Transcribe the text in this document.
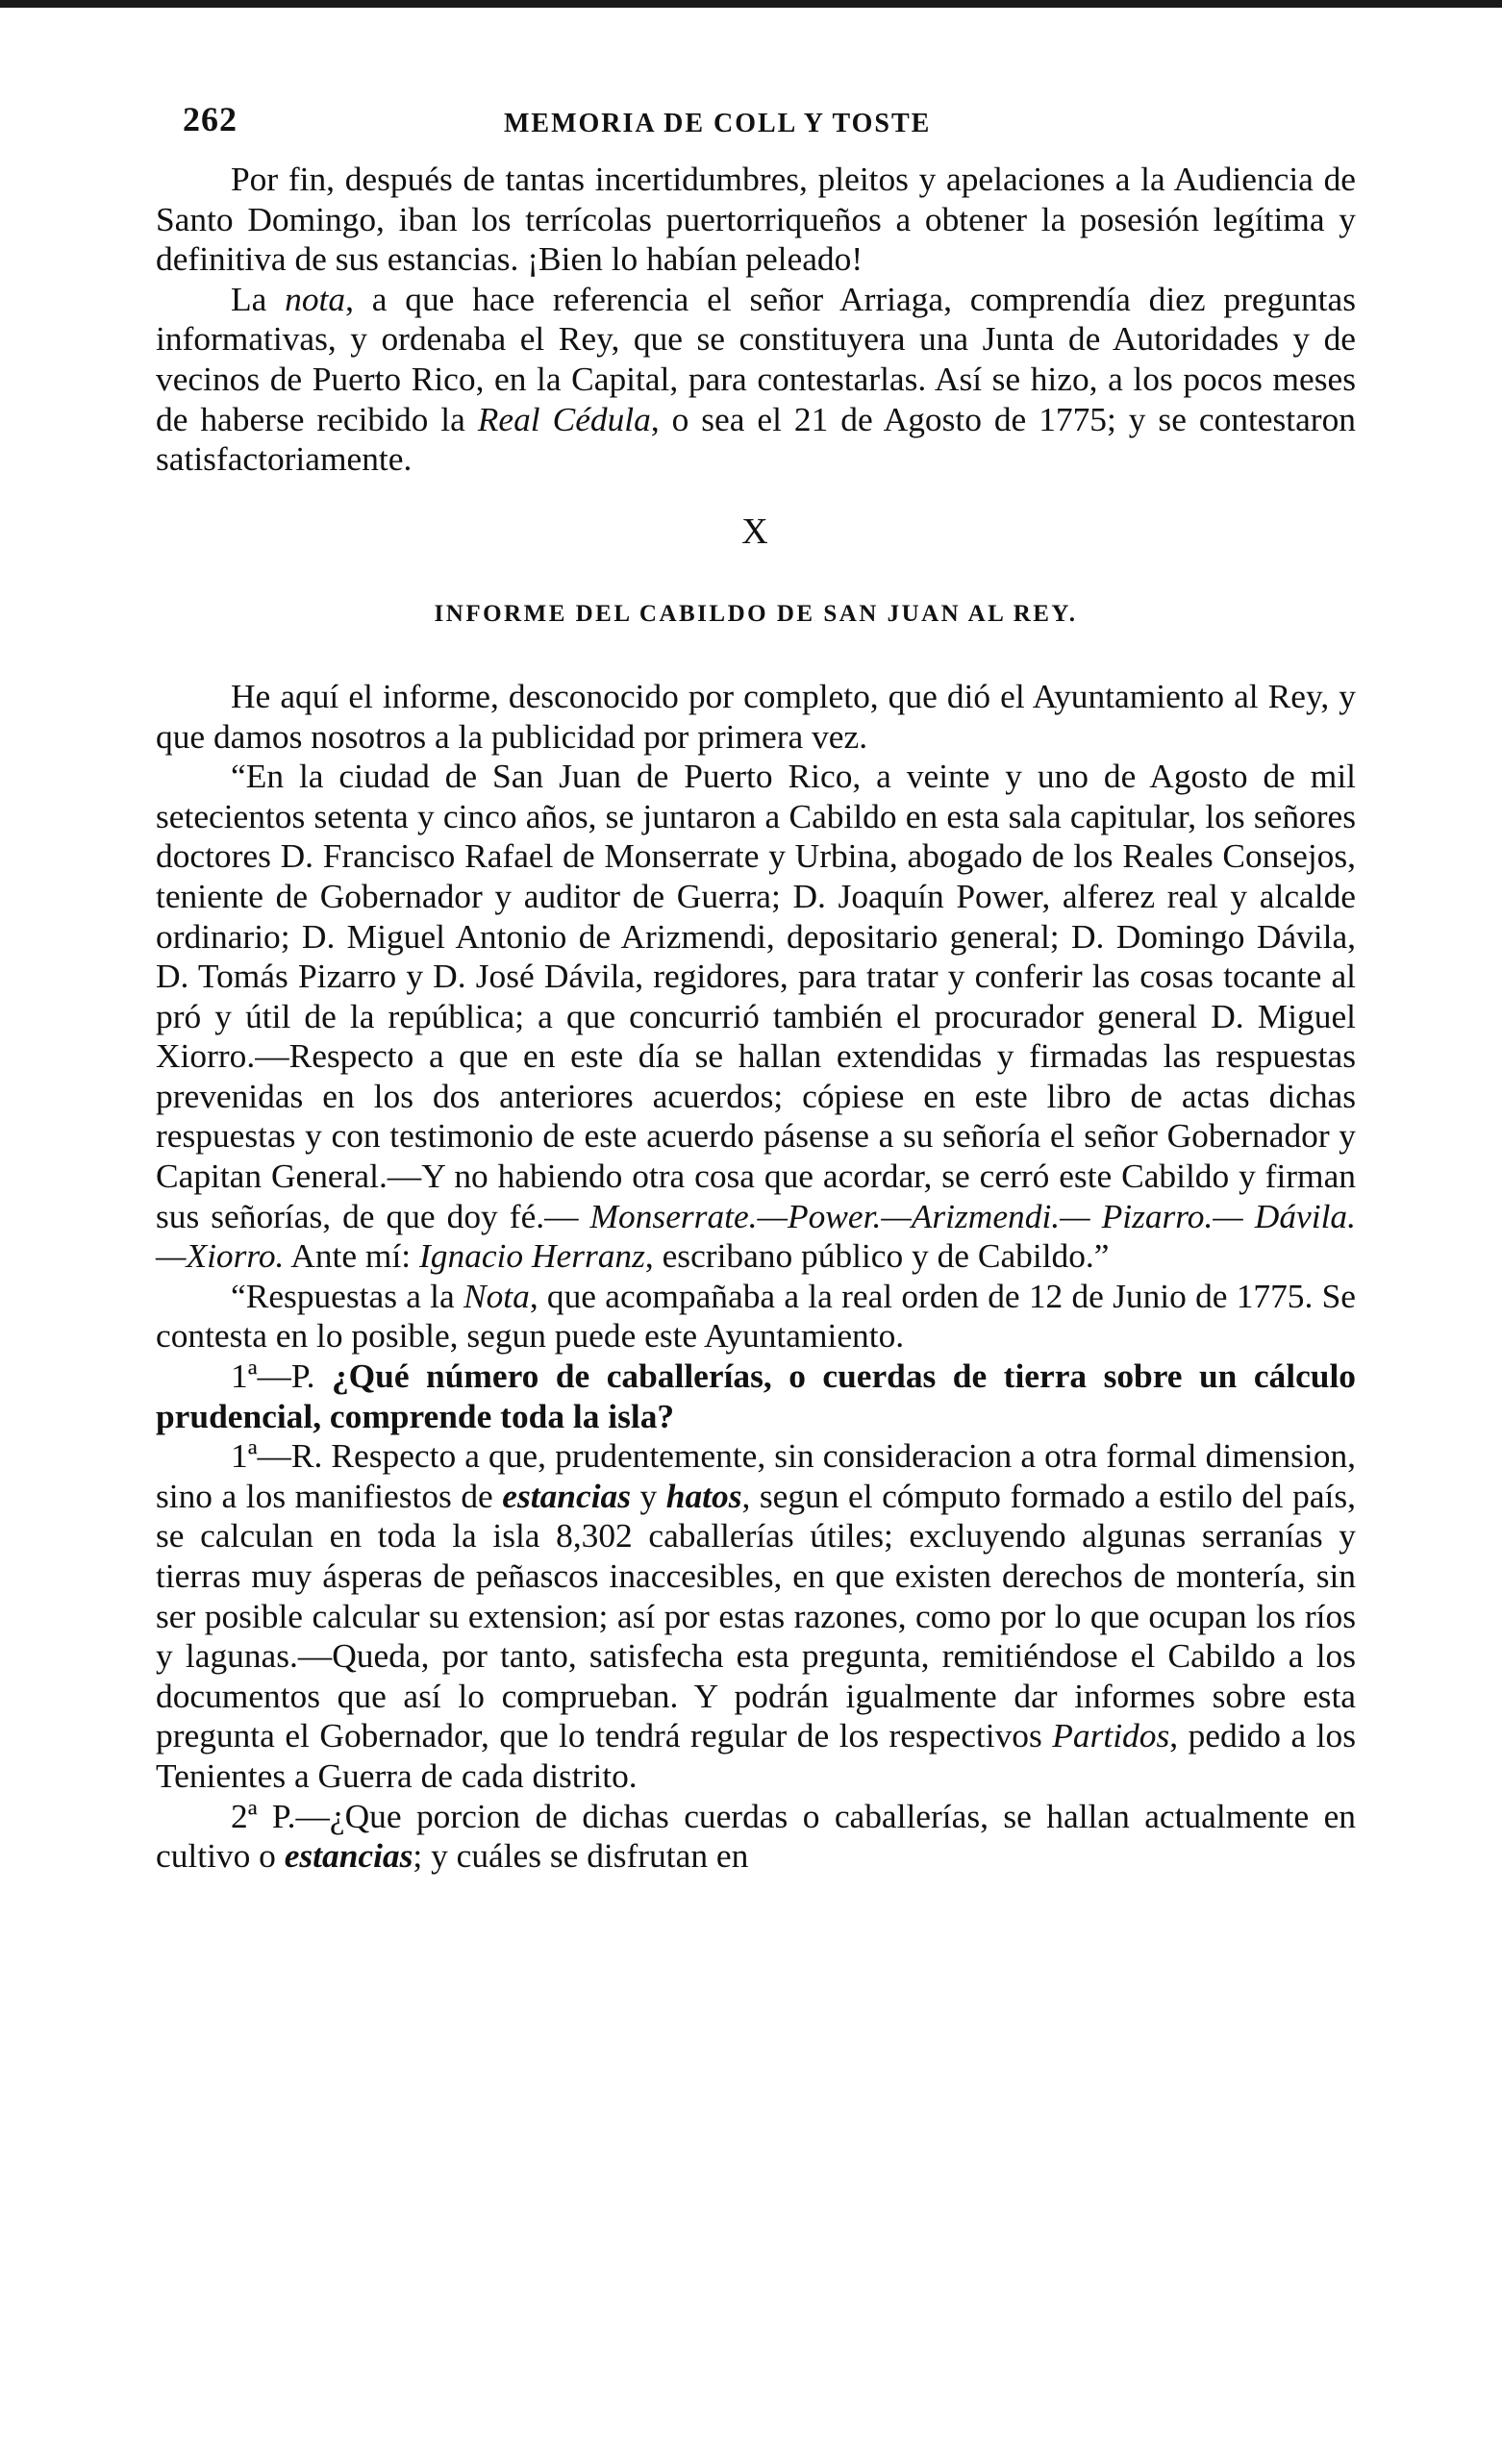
262	MEMORIA DE COLL Y TOSTE

Por fin, después de tantas incertidumbres, pleitos y apelaciones a la Audiencia de Santo Domingo, iban los terrícolas puertorriqueños a obtener la posesión legítima y definitiva de sus estancias. ¡Bien lo habían peleado!

La nota, a que hace referencia el señor Arriaga, comprendía diez preguntas informativas, y ordenaba el Rey, que se constituyera una Junta de Autoridades y de vecinos de Puerto Rico, en la Capital, para contestarlas. Así se hizo, a los pocos meses de haberse recibido la Real Cédula, o sea el 21 de Agosto de 1775; y se contestaron satisfactoriamente.

X

INFORME DEL CABILDO DE SAN JUAN AL REY.

He aquí el informe, desconocido por completo, que dió el Ayuntamiento al Rey, y que damos nosotros a la publicidad por primera vez.

“En la ciudad de San Juan de Puerto Rico, a veinte y uno de Agosto de mil setecientos setenta y cinco años, se juntaron a Cabildo en esta sala capitular, los señores doctores D. Francisco Rafael de Monserrate y Urbina, abogado de los Reales Consejos, teniente de Gobernador y auditor de Guerra; D. Joaquín Power, alferez real y alcalde ordinario; D. Miguel Antonio de Arizmendi, depositario general; D. Domingo Dávila, D. Tomás Pizarro y D. José Dávila, regidores, para tratar y conferir las cosas tocante al pró y útil de la república; a que concurrió también el procurador general D. Miguel Xiorro.—Respecto a que en este día se hallan extendidas y firmadas las respuestas prevenidas en los dos anteriores acuerdos; cópiese en este libro de actas dichas respuestas y con testimonio de este acuerdo pásense a su señoría el señor Gobernador y Capitan General.—Y no habiendo otra cosa que acordar, se cerró este Cabildo y firman sus señorías, de que doy fé.— Monserrate.—Power.—Arizmendi.— Pizarro.— Dávila.—Xiorro. Ante mí: Ignacio Herranz, escribano público y de Cabildo.”

“Respuestas a la Nota, que acompañaba a la real orden de 12 de Junio de 1775. Se contesta en lo posible, segun puede este Ayuntamiento.

1ª—P. ¿Qué número de caballerías, o cuerdas de tierra sobre un cálculo prudencial, comprende toda la isla?

1ª—R. Respecto a que, prudentemente, sin consideracion a otra formal dimension, sino a los manifiestos de estancias y hatos, segun el cómputo formado a estilo del país, se calculan en toda la isla 8,302 caballerías útiles; excluyendo algunas serranías y tierras muy ásperas de peñascos inaccesibles, en que existen derechos de montería, sin ser posible calcular su extension; así por estas razones, como por lo que ocupan los ríos y lagunas.—Queda, por tanto, satisfecha esta pregunta, remitiéndose el Cabildo a los documentos que así lo comprueban. Y podrán igualmente dar informes sobre esta pregunta el Gobernador, que lo tendrá regular de los respectivos Partidos, pedido a los Tenientes a Guerra de cada distrito.

2ª P.—¿Que porcion de dichas cuerdas o caballerías, se hallan actualmente en cultivo o estancias; y cuáles se disfrutan en
